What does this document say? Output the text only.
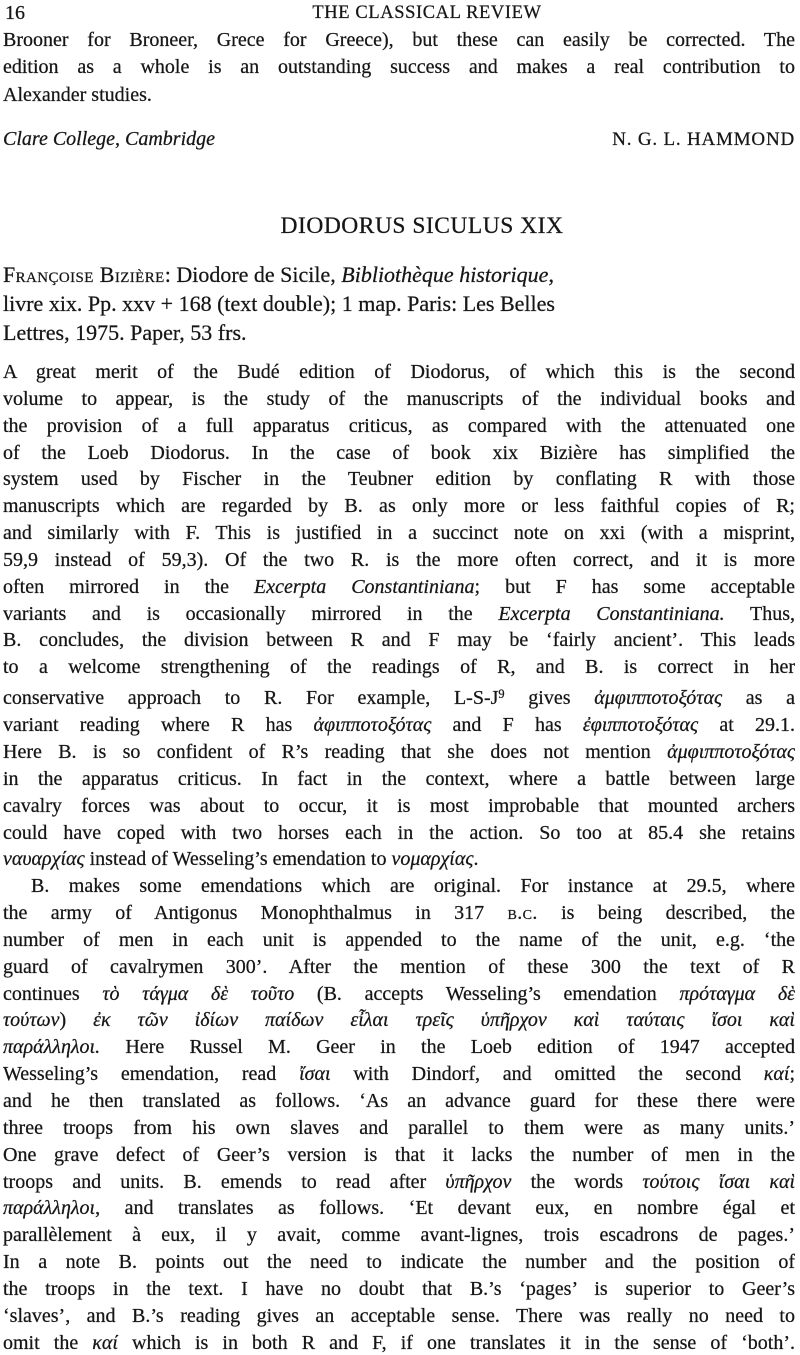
16	THE CLASSICAL REVIEW
Brooner for Broneer, Grece for Greece), but these can easily be corrected. The
edition as a whole is an outstanding success and makes a real contribution to
Alexander studies.
Clare College, Cambridge	N. G. L. HAMMOND
DIODORUS SICULUS XIX
Françoise Bizière: Diodore de Sicile, Bibliothèque historique,
livre xix. Pp. xxv + 168 (text double); 1 map. Paris: Les Belles
Lettres, 1975. Paper, 53 frs.
A great merit of the Budé edition of Diodorus, of which this is the second
volume to appear, is the study of the manuscripts of the individual books and
the provision of a full apparatus criticus, as compared with the attenuated one
of the Loeb Diodorus. In the case of book xix Bizière has simplified the
system used by Fischer in the Teubner edition by conflating R with those
manuscripts which are regarded by B. as only more or less faithful copies of R;
and similarly with F. This is justified in a succinct note on xxi (with a misprint,
59,9 instead of 59,3). Of the two R. is the more often correct, and it is more
often mirrored in the Excerpta Constantiniana; but F has some acceptable
variants and is occasionally mirrored in the Excerpta Constantiniana. Thus,
B. concludes, the division between R and F may be ‘fairly ancient’. This leads
to a welcome strengthening of the readings of R, and B. is correct in her
conservative approach to R. For example, $L-S-J^9$ gives ἀμφιπποτοξότας as a
variant reading where R has ἀφιπποτοξότας and F has ἐφιπποτοξότας at 29.1.
Here B. is so confident of R’s reading that she does not mention ἀμφιπποτοξότας
in the apparatus criticus. In fact in the context, where a battle between large
cavalry forces was about to occur, it is most improbable that mounted archers
could have coped with two horses each in the action. So too at 85.4 she retains
ναυαρχίας instead of Wesseling’s emendation to νομαρχίας.
B. makes some emendations which are original. For instance at 29.5, where
the army of Antigonus Monophthalmus in 317 b.c. is being described, the
number of men in each unit is appended to the name of the unit, e.g. ‘the
guard of cavalrymen 300’. After the mention of these 300 the text of R
continues τὸ τάγμα δὲ τοῦτο (B. accepts Wesseling’s emendation πρόταγμα δὲ
τούτων) ἐκ τῶν ἰδίων παίδων εἶλαι τρεῖς ὑπῆρχον καὶ ταύταις ἴσοι καὶ
παράλληλοι. Here Russel M. Geer in the Loeb edition of 1947 accepted
Wesseling’s emendation, read ἴσαι with Dindorf, and omitted the second καί;
and he then translated as follows. ‘As an advance guard for these there were
three troops from his own slaves and parallel to them were as many units.’
One grave defect of Geer’s version is that it lacks the number of men in the
troops and units. B. emends to read after ὑπῆρχον the words τούτοις ἴσαι καὶ
παράλληλοι, and translates as follows. ‘Et devant eux, en nombre égal et
parallèlement à eux, il y avait, comme avant-lignes, trois escadrons de pages.’
In a note B. points out the need to indicate the number and the position of
the troops in the text. I have no doubt that B.’s ‘pages’ is superior to Geer’s
‘slaves’, and B.’s reading gives an acceptable sense. There was really no need to
omit the καί which is in both R and F, if one translates it in the sense of ‘both’.
